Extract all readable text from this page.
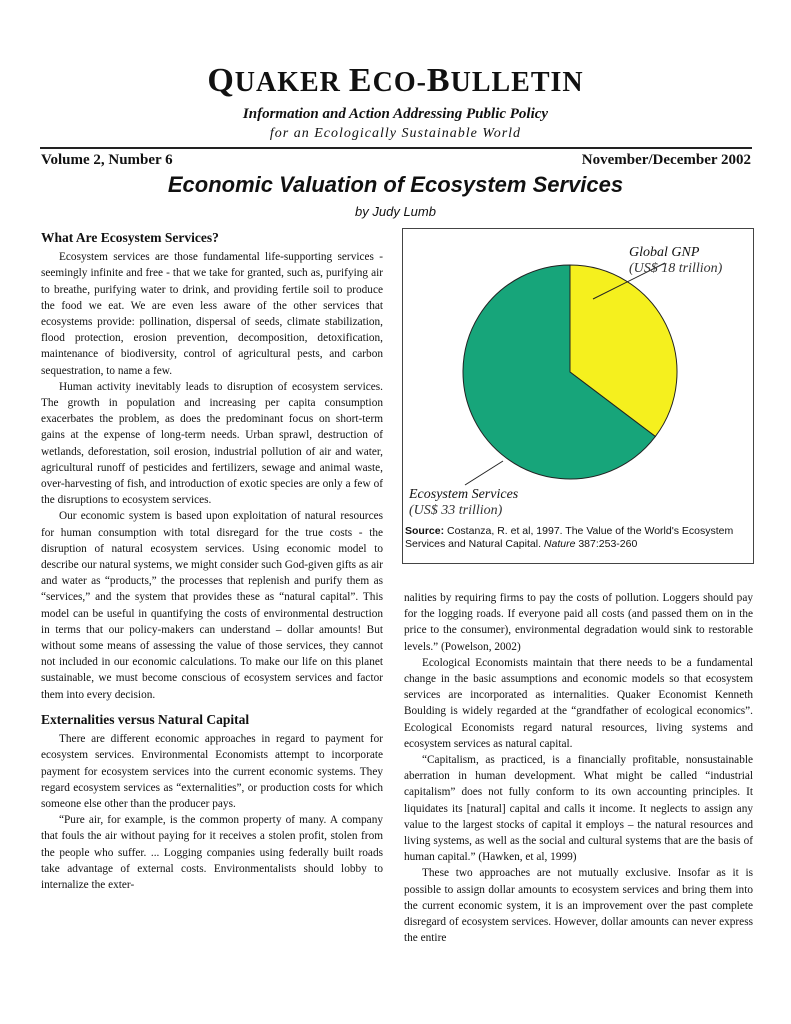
QUAKER ECO-BULLETIN
Information and Action Addressing Public Policy
for an Ecologically Sustainable World
Volume 2, Number 6	November/December 2002
Economic Valuation of Ecosystem Services
by Judy Lumb
What Are Ecosystem Services?

Ecosystem services are those fundamental life-supporting services - seemingly infinite and free - that we take for granted, such as, purifying air to breathe, purifying water to drink, and providing fertile soil to produce the food we eat. We are even less aware of the other services that ecosystems provide: pollination, dispersal of seeds, climate stabilization, flood protection, erosion prevention, decomposition, detoxification, maintenance of biodiversity, control of agricultural pests, and carbon sequestration, to name a few.

Human activity inevitably leads to disruption of ecosystem services. The growth in population and increasing per capita consumption exacerbates the problem, as does the predominant focus on short-term gains at the expense of long-term needs. Urban sprawl, destruction of wetlands, deforestation, soil erosion, industrial pollution of air and water, agricultural runoff of pesticides and fertilizers, sewage and animal waste, over-harvesting of fish, and introduction of exotic species are only a few of the disruptions to ecosystem services.

Our economic system is based upon exploitation of natural resources for human consumption with total disregard for the true costs - the disruption of natural ecosystem services. Using economic model to describe our natural systems, we might consider such God-given gifts as air and water as “products,” the processes that replenish and purify them as “services,” and the system that provides these as “natural capital”. This model can be useful in quantifying the costs of environmental destruction in terms that our policy-makers can understand – dollar amounts! But without some means of assessing the value of those services, they cannot not included in our economic calculations. To make our life on this planet sustainable, we must become conscious of ecosystem services and factor them into every decision.

Externalities versus Natural Capital

There are different economic approaches in regard to payment for ecosystem services. Environmental Economists attempt to incorporate payment for ecosystem services into the current economic systems. They regard ecosystem services as “externalities”, or production costs for which someone else other than the producer pays.

“Pure air, for example, is the common property of many. A company that fouls the air without paying for it receives a stolen profit, stolen from the people who suffer. ... Logging companies using federally built roads take advantage of external costs. Environmentalists should lobby to internalize the exter-

Global GNP
(US$ 18 trillion)
Ecosystem Services
(US$ 33 trillion)
Source: Costanza, R. et al, 1997. The Value of the World's Ecosystem Services and Natural Capital. Nature 387:253-260

nalities by requiring firms to pay the costs of pollution. Loggers should pay for the logging roads. If everyone paid all costs (and passed them on in the price to the consumer), environmental degradation would sink to restorable levels.” (Powelson, 2002)

Ecological Economists maintain that there needs to be a fundamental change in the basic assumptions and economic models so that ecosystem services are incorporated as internalities. Quaker Economist Kenneth Boulding is widely regarded at the “grandfather of ecological economics”. Ecological Economists regard natural resources, living systems and ecosystem services as natural capital.

“Capitalism, as practiced, is a financially profitable, nonsustainable aberration in human development. What might be called “industrial capitalism” does not fully conform to its own accounting principles. It liquidates its [natural] capital and calls it income. It neglects to assign any value to the largest stocks of capital it employs – the natural resources and living systems, as well as the social and cultural systems that are the basis of human capital.” (Hawken, et al, 1999)

These two approaches are not mutually exclusive. Insofar as it is possible to assign dollar amounts to ecosystem services and bring them into the current economic system, it is an improvement over the past complete disregard of ecosystem services. However, dollar amounts can never express the entire
